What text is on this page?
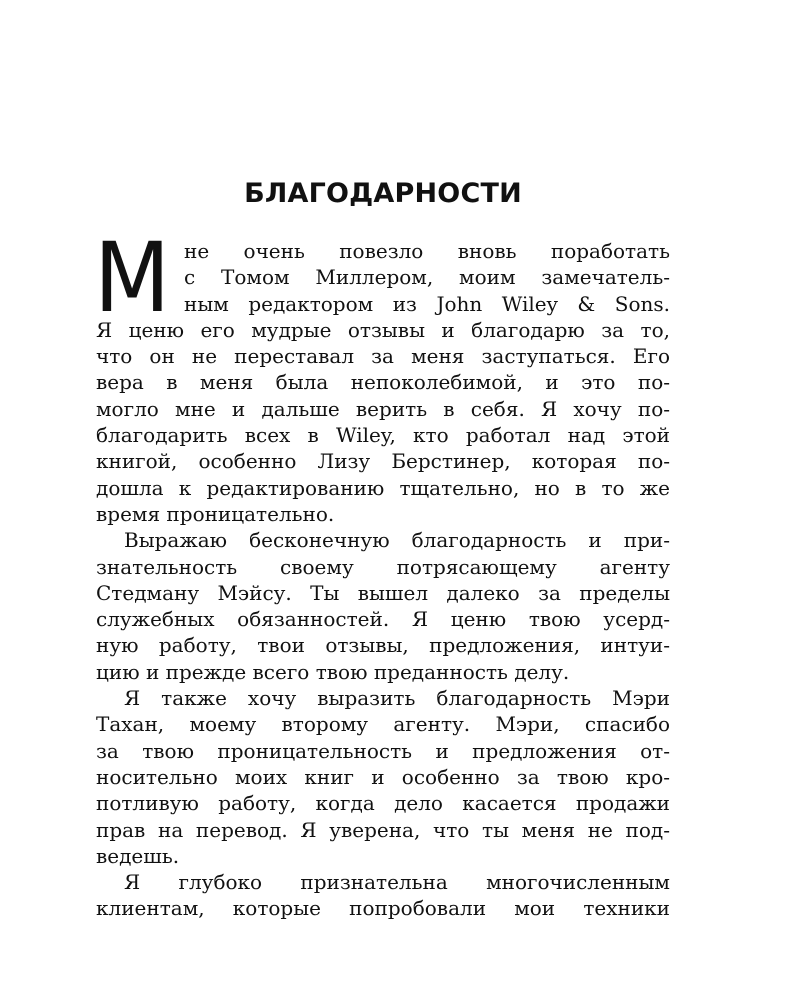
БЛАГОДАРНОСТИ
М не очень повезло вновь поработать
с Томом Миллером, моим замечатель-
ным редактором из John Wiley & Sons.
Я ценю его мудрые отзывы и благодарю за то,
что он не переставал за меня заступаться. Его
вера в меня была непоколебимой, и это по-
могло мне и дальше верить в себя. Я хочу по-
благодарить всех в Wiley, кто работал над этой
книгой, особенно Лизу Берстинер, которая по-
дошла к редактированию тщательно, но в то же
время проницательно.
Выражаю бесконечную благодарность и при-
знательность своему потрясающему агенту
Стедману Мэйсу. Ты вышел далеко за пределы
служебных обязанностей. Я ценю твою усерд-
ную работу, твои отзывы, предложения, интуи-
цию и прежде всего твою преданность делу.
Я также хочу выразить благодарность Мэри
Тахан, моему второму агенту. Мэри, спасибо
за твою проницательность и предложения от-
носительно моих книг и особенно за твою кро-
потливую работу, когда дело касается продажи
прав на перевод. Я уверена, что ты меня не под-
ведешь.
Я глубоко признательна многочисленным
клиентам, которые попробовали мои техники
